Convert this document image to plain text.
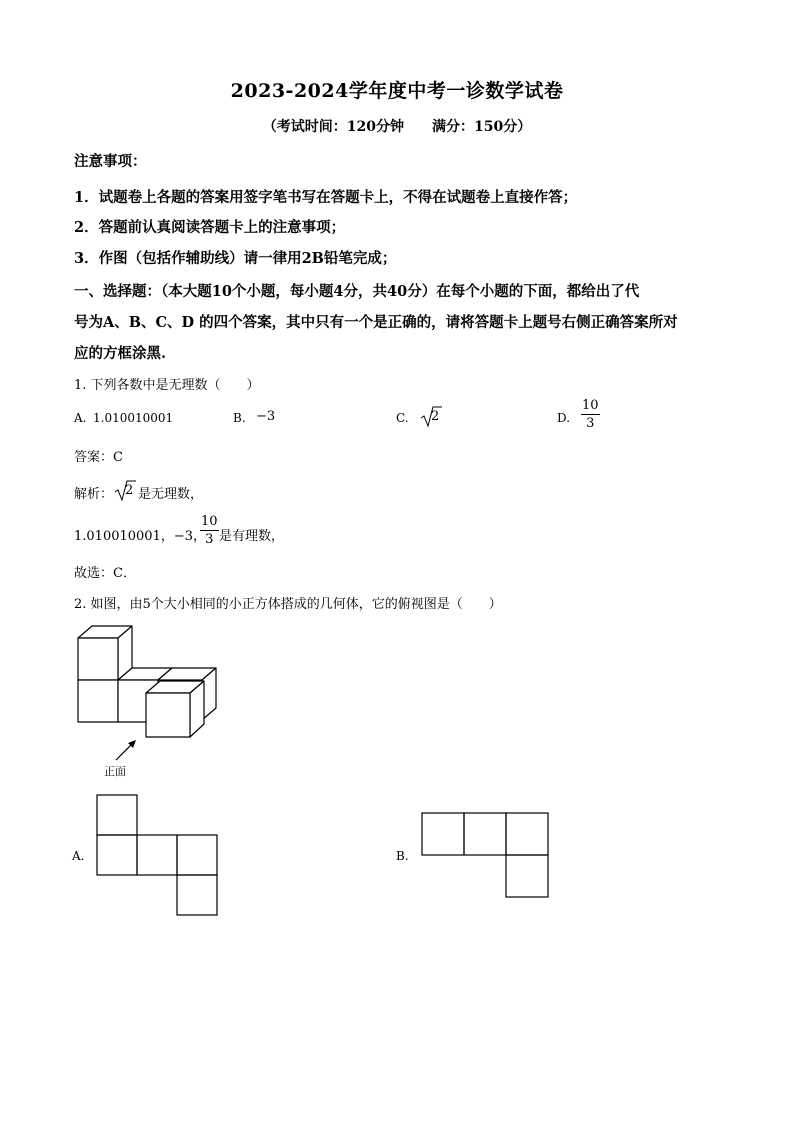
2023-2024学年度中考一诊数学试卷
（考试时间：120分钟　　满分：150分）
注意事项：
1．试题卷上各题的答案用签字笔书写在答题卡上，不得在试题卷上直接作答；
2．答题前认真阅读答题卡上的注意事项；
3．作图（包括作辅助线）请一律用2B铅笔完成；
一、选择题：（本大题10个小题，每小题4分，共40分）在每个小题的下面，都给出了代
号为A、B、C、D 的四个答案，其中只有一个是正确的，请将答题卡上题号右侧正确答案所对
应的方框涂黑.
1. 下列各数中是无理数（　　）
A. 1.010010001	B. −3	C. 2	D. $\frac{10}{3}$
答案：C
解析： 2 是无理数，
1.010010001，−3，
$\frac{10}{3}$ 是有理数，
故选：C．
2. 如图，由5个大小相同的小正方体搭成的几何体，它的俯视图是（　　）
正面
A.	B.
